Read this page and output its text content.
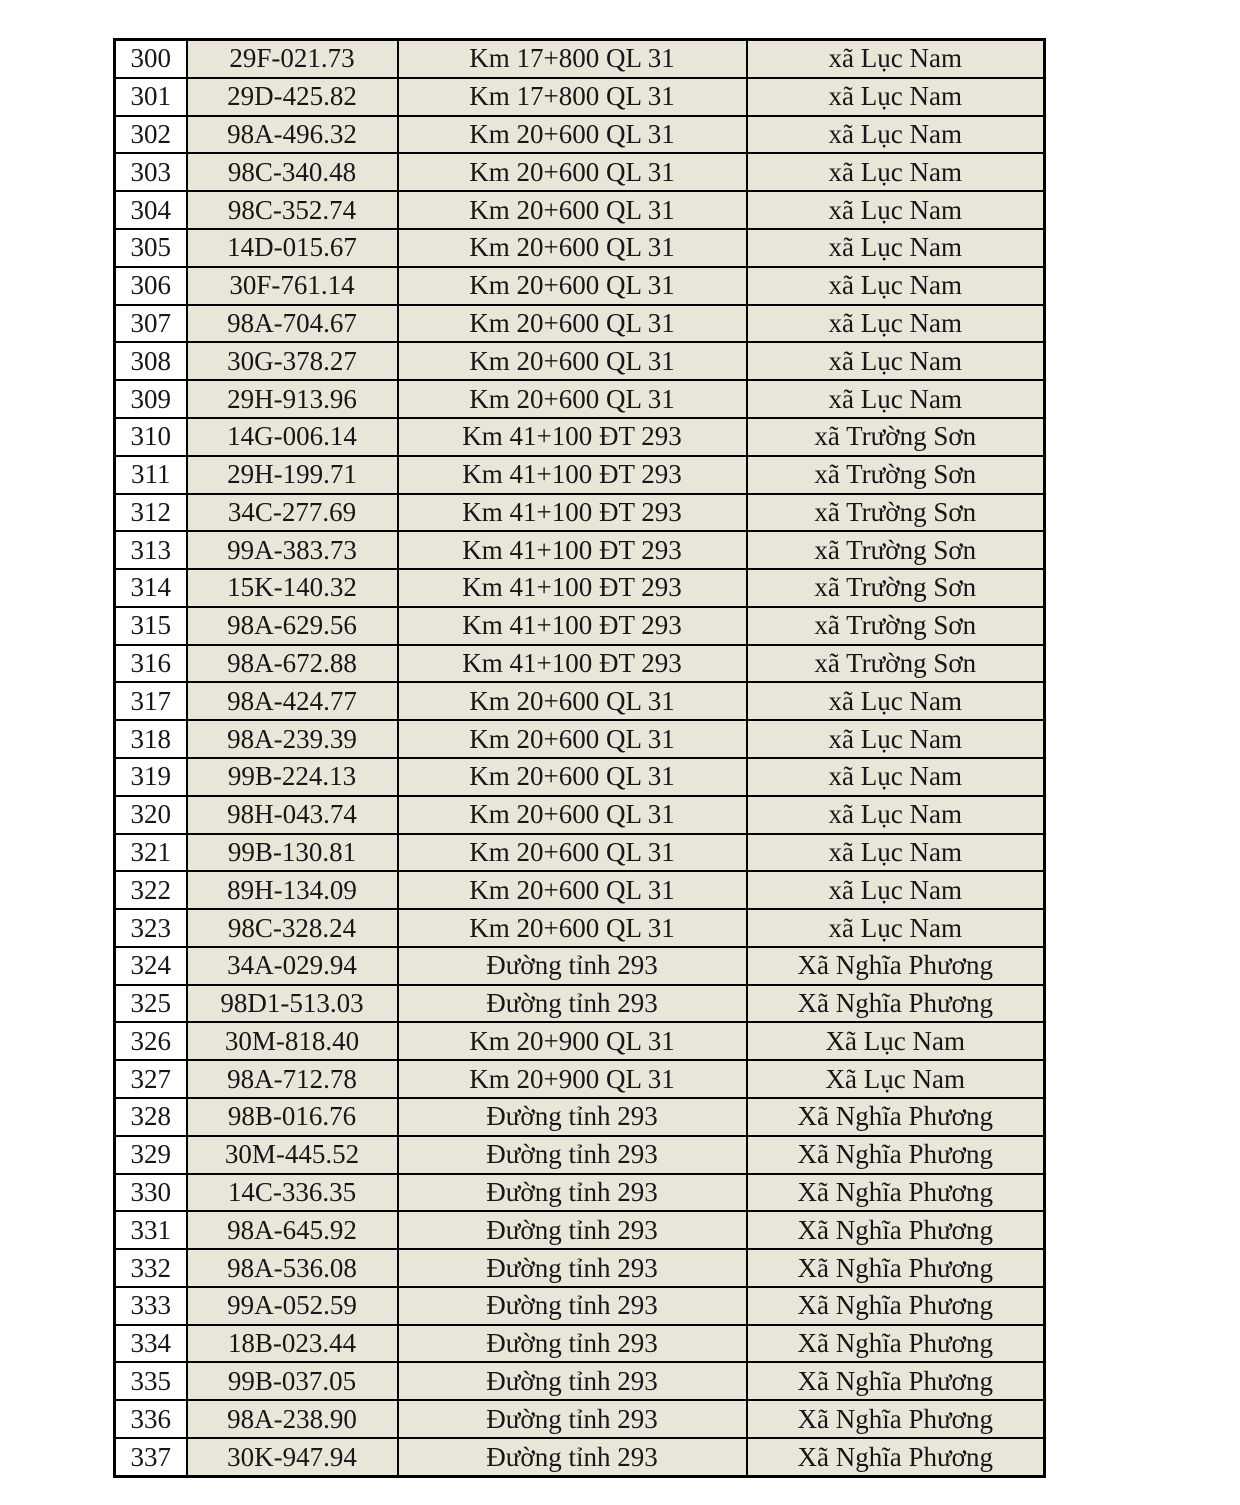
300	29F-021.73	Km 17+800 QL 31	xã Lục Nam
301	29D-425.82	Km 17+800 QL 31	xã Lục Nam
302	98A-496.32	Km 20+600 QL 31	xã Lục Nam
303	98C-340.48	Km 20+600 QL 31	xã Lục Nam
304	98C-352.74	Km 20+600 QL 31	xã Lục Nam
305	14D-015.67	Km 20+600 QL 31	xã Lục Nam
306	30F-761.14	Km 20+600 QL 31	xã Lục Nam
307	98A-704.67	Km 20+600 QL 31	xã Lục Nam
308	30G-378.27	Km 20+600 QL 31	xã Lục Nam
309	29H-913.96	Km 20+600 QL 31	xã Lục Nam
310	14G-006.14	Km 41+100 ĐT 293	xã Trường Sơn
311	29H-199.71	Km 41+100 ĐT 293	xã Trường Sơn
312	34C-277.69	Km 41+100 ĐT 293	xã Trường Sơn
313	99A-383.73	Km 41+100 ĐT 293	xã Trường Sơn
314	15K-140.32	Km 41+100 ĐT 293	xã Trường Sơn
315	98A-629.56	Km 41+100 ĐT 293	xã Trường Sơn
316	98A-672.88	Km 41+100 ĐT 293	xã Trường Sơn
317	98A-424.77	Km 20+600 QL 31	xã Lục Nam
318	98A-239.39	Km 20+600 QL 31	xã Lục Nam
319	99B-224.13	Km 20+600 QL 31	xã Lục Nam
320	98H-043.74	Km 20+600 QL 31	xã Lục Nam
321	99B-130.81	Km 20+600 QL 31	xã Lục Nam
322	89H-134.09	Km 20+600 QL 31	xã Lục Nam
323	98C-328.24	Km 20+600 QL 31	xã Lục Nam
324	34A-029.94	Đường tỉnh 293	Xã Nghĩa Phương
325	98D1-513.03	Đường tỉnh 293	Xã Nghĩa Phương
326	30M-818.40	Km 20+900 QL 31	Xã Lục Nam
327	98A-712.78	Km 20+900 QL 31	Xã Lục Nam
328	98B-016.76	Đường tỉnh 293	Xã Nghĩa Phương
329	30M-445.52	Đường tỉnh 293	Xã Nghĩa Phương
330	14C-336.35	Đường tỉnh 293	Xã Nghĩa Phương
331	98A-645.92	Đường tỉnh 293	Xã Nghĩa Phương
332	98A-536.08	Đường tỉnh 293	Xã Nghĩa Phương
333	99A-052.59	Đường tỉnh 293	Xã Nghĩa Phương
334	18B-023.44	Đường tỉnh 293	Xã Nghĩa Phương
335	99B-037.05	Đường tỉnh 293	Xã Nghĩa Phương
336	98A-238.90	Đường tỉnh 293	Xã Nghĩa Phương
337	30K-947.94	Đường tỉnh 293	Xã Nghĩa Phương
